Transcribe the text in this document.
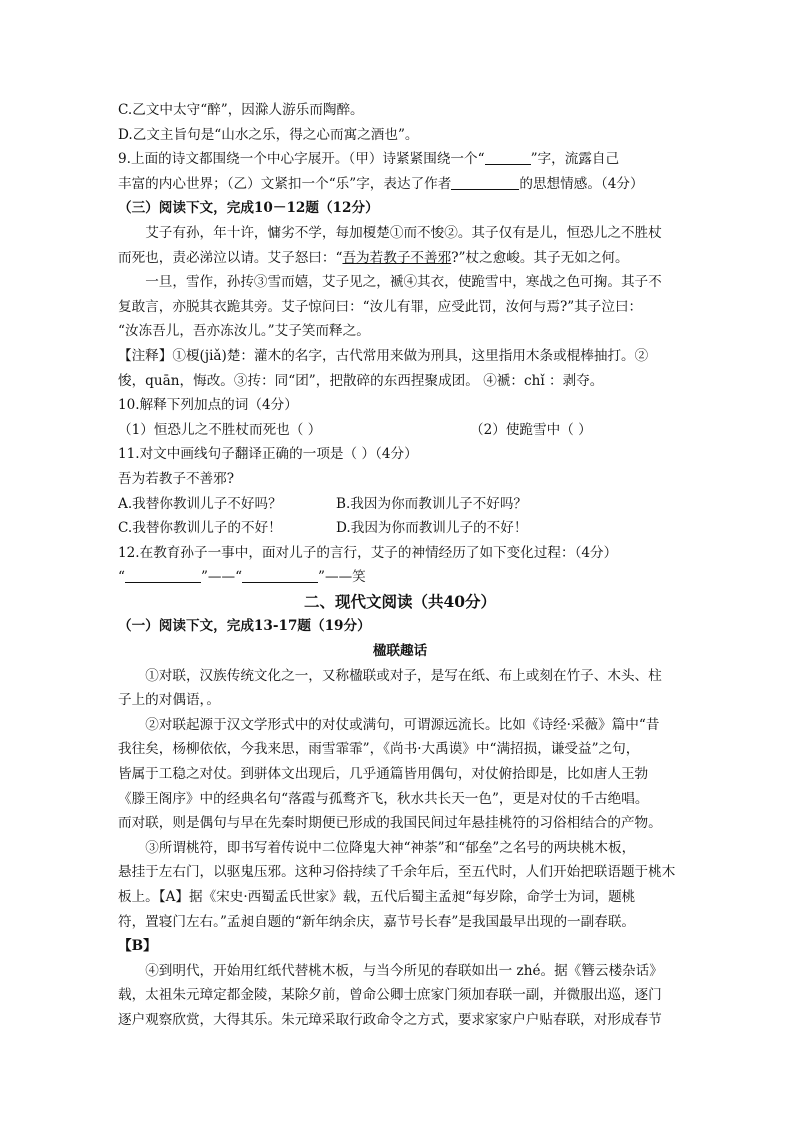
C.乙文中太守“醉”，因滁人游乐而陶醉。
D.乙文主旨句是“山水之乐，得之心而寓之酒也”。
9.上面的诗文都围绕一个中心字展开。（甲）诗紧紧围绕一个“	”字，流露自己
丰富的内心世界；（乙）文紧扣一个“乐”字，表达了作者	的思想情感。（4分）
（三）阅读下文，完成10－12题（12分）
艾子有孙，年十许，慵劣不学，每加榎楚①而不悛②。其子仅有是儿，恒恐儿之不胜杖
而死也，责必涕泣以请。艾子怒曰：“吾为若教子不善邪?”杖之愈峻。其子无如之何。
一旦，雪作，孙抟③雪而嬉，艾子见之，褫④其衣，使跪雪中，寒战之色可掬。其子不
复敢言，亦脱其衣跪其旁。艾子惊问曰：“汝儿有罪，应受此罚，汝何与焉?”其子泣曰：
“汝冻吾儿，吾亦冻汝儿。”艾子笑而释之。
【注释】①榎(jiǎ)楚：灌木的名字，古代常用来做为刑具，这里指用木条或棍棒抽打。②
悛，quān，悔改。③抟：同“团”，把散碎的东西捏聚成团。 ④褫：chǐ ：剥夺。
10.解释下列加点的词（4分）
（1）恒恐儿之不胜杖而死也（ ）	（2）使跪雪中（ ）
11.对文中画线句子翻译正确的一项是（ ）（4分）
吾为若教子不善邪?
A.我替你教训儿子不好吗？	B.我因为你而教训儿子不好吗？
C.我替你教训儿子的不好！	D.我因为你而教训儿子的不好！
12.在教育孙子一事中，面对儿子的言行，艾子的神情经历了如下变化过程：（4分）
“	”——“	”——笑
二、现代文阅读（共40分）
（一）阅读下文，完成13-17题（19分）
楹联趣话
①对联，汉族传统文化之一，又称楹联或对子，是写在纸、布上或刻在竹子、木头、柱
子上的对偶语，。
②对联起源于汉文学形式中的对仗或满句，可谓源远流长。比如《诗经·采薇》篇中“昔
我往矣，杨柳依依，今我来思，雨雪霏霏”，《尚书·大禹谟》中“满招损，谦受益”之句，
皆属于工稳之对仗。到骈体文出现后，几乎通篇皆用偶句，对仗俯拾即是，比如唐人王勃
《滕王阁序》中的经典名句“落霞与孤鹜齐飞，秋水共长天一色”，更是对仗的千古绝唱。
而对联，则是偶句与早在先秦时期便已形成的我国民间过年悬挂桃符的习俗相结合的产物。
③所谓桃符，即书写着传说中二位降鬼大神“神荼”和“郁垒”之名号的两块桃木板，
悬挂于左右门，以驱鬼压邪。这种习俗持续了千余年后，至五代时，人们开始把联语题于桃木
板上。【A】据《宋史·西蜀孟氏世家》载，五代后蜀主孟昶“每岁除，命学士为词，题桃
符，置寝门左右。”孟昶自题的“新年纳余庆，嘉节号长春”是我国最早出现的一副春联。
【B】
④到明代，开始用红纸代替桃木板，与当今所见的春联如出一 zhé。据《簪云楼杂话》
载，太祖朱元璋定都金陵，某除夕前，曾命公卿士庶家门须加春联一副，并微服出巡，逐门
逐户观察欣赏，大得其乐。朱元璋采取行政命令之方式，要求家家户户贴春联，对形成春节
